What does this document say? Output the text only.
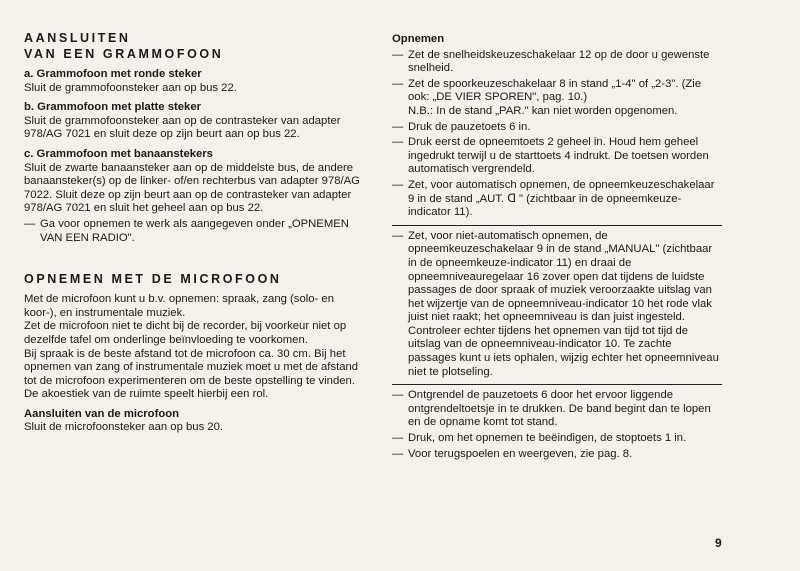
AANSLUITEN

VAN EEN GRAMMOFOON

a. Grammofoon met ronde steker

Sluit de grammofoonsteker aan op bus 22.

b. Grammofoon met platte steker

Sluit de grammofoonsteker aan op de contrasteker van adapter 978/AG 7021 en sluit deze op zijn beurt aan op bus 22.

c. Grammofoon met banaanstekers

Sluit de zwarte banaansteker aan op de middelste bus, de andere banaansteker(s) op de linker- of/en rechterbus van adapter 978/AG 7022. Sluit deze op zijn beurt aan op de contrasteker van adapter 978/AG 7021 en sluit het geheel aan op bus 22.

— Ga voor opnemen te werk als aangegeven onder „OPNEMEN VAN EEN RADIO".

OPNEMEN MET DE MICROFOON

Met de microfoon kunt u b.v. opnemen: spraak, zang (solo- en koor-), en instrumentale muziek.

Zet de microfoon niet te dicht bij de recorder, bij voorkeur niet op dezelfde tafel om onderlinge beïnvloeding te voorkomen.

Bij spraak is de beste afstand tot de microfoon ca. 30 cm. Bij het opnemen van zang of instrumentale muziek moet u met de afstand tot de microfoon experimenteren om de beste opstelling te vinden. De akoestiek van de ruimte speelt hierbij een rol.

Aansluiten van de microfoon

Sluit de microfoonsteker aan op bus 20.

Opnemen

— Zet de snelheidskeuzeschakelaar 12 op de door u gewenste snelheid.
— Zet de spoorkeuzeschakelaar 8 in stand „1-4" of „2-3". (Zie ook: „DE VIER SPOREN", pag. 10.)
N.B.: In de stand „PAR." kan niet worden opgenomen.
— Druk de pauzetoets 6 in.
— Druk eerst de opneemtoets 2 geheel in. Houd hem geheel ingedrukt terwijl u de starttoets 4 indrukt. De toetsen worden automatisch vergrendeld.
— Zet, voor automatisch opnemen, de opneemkeuzeschakelaar 9 in de stand „AUT. ᗡ " (zichtbaar in de opneemkeuze-indicator 11).
— Zet, voor niet-automatisch opnemen, de opneemkeuzeschakelaar 9 in de stand „MANUAL" (zichtbaar in de opneemkeuze-indicator 11) en draai de opneemniveauregelaar 16 zover open dat tijdens de luidste passages de door spraak of muziek veroorzaakte uitslag van het wijzertje van de opneemniveau-indicator 10 het rode vlak juist niet raakt; het opneemniveau is dan juist ingesteld. Controleer echter tijdens het opnemen van tijd tot tijd de uitslag van de opneemniveau-indicator 10. Te zachte passages kunt u iets ophalen, wijzig echter het opneemniveau niet te plotseling.
— Ontgrendel de pauzetoets 6 door het ervoor liggende ontgrendeltoetsje in te drukken. De band begint dan te lopen en de opname komt tot stand.
— Druk, om het opnemen te beëindigen, de stoptoets 1 in.
— Voor terugspoelen en weergeven, zie pag. 8.
9
